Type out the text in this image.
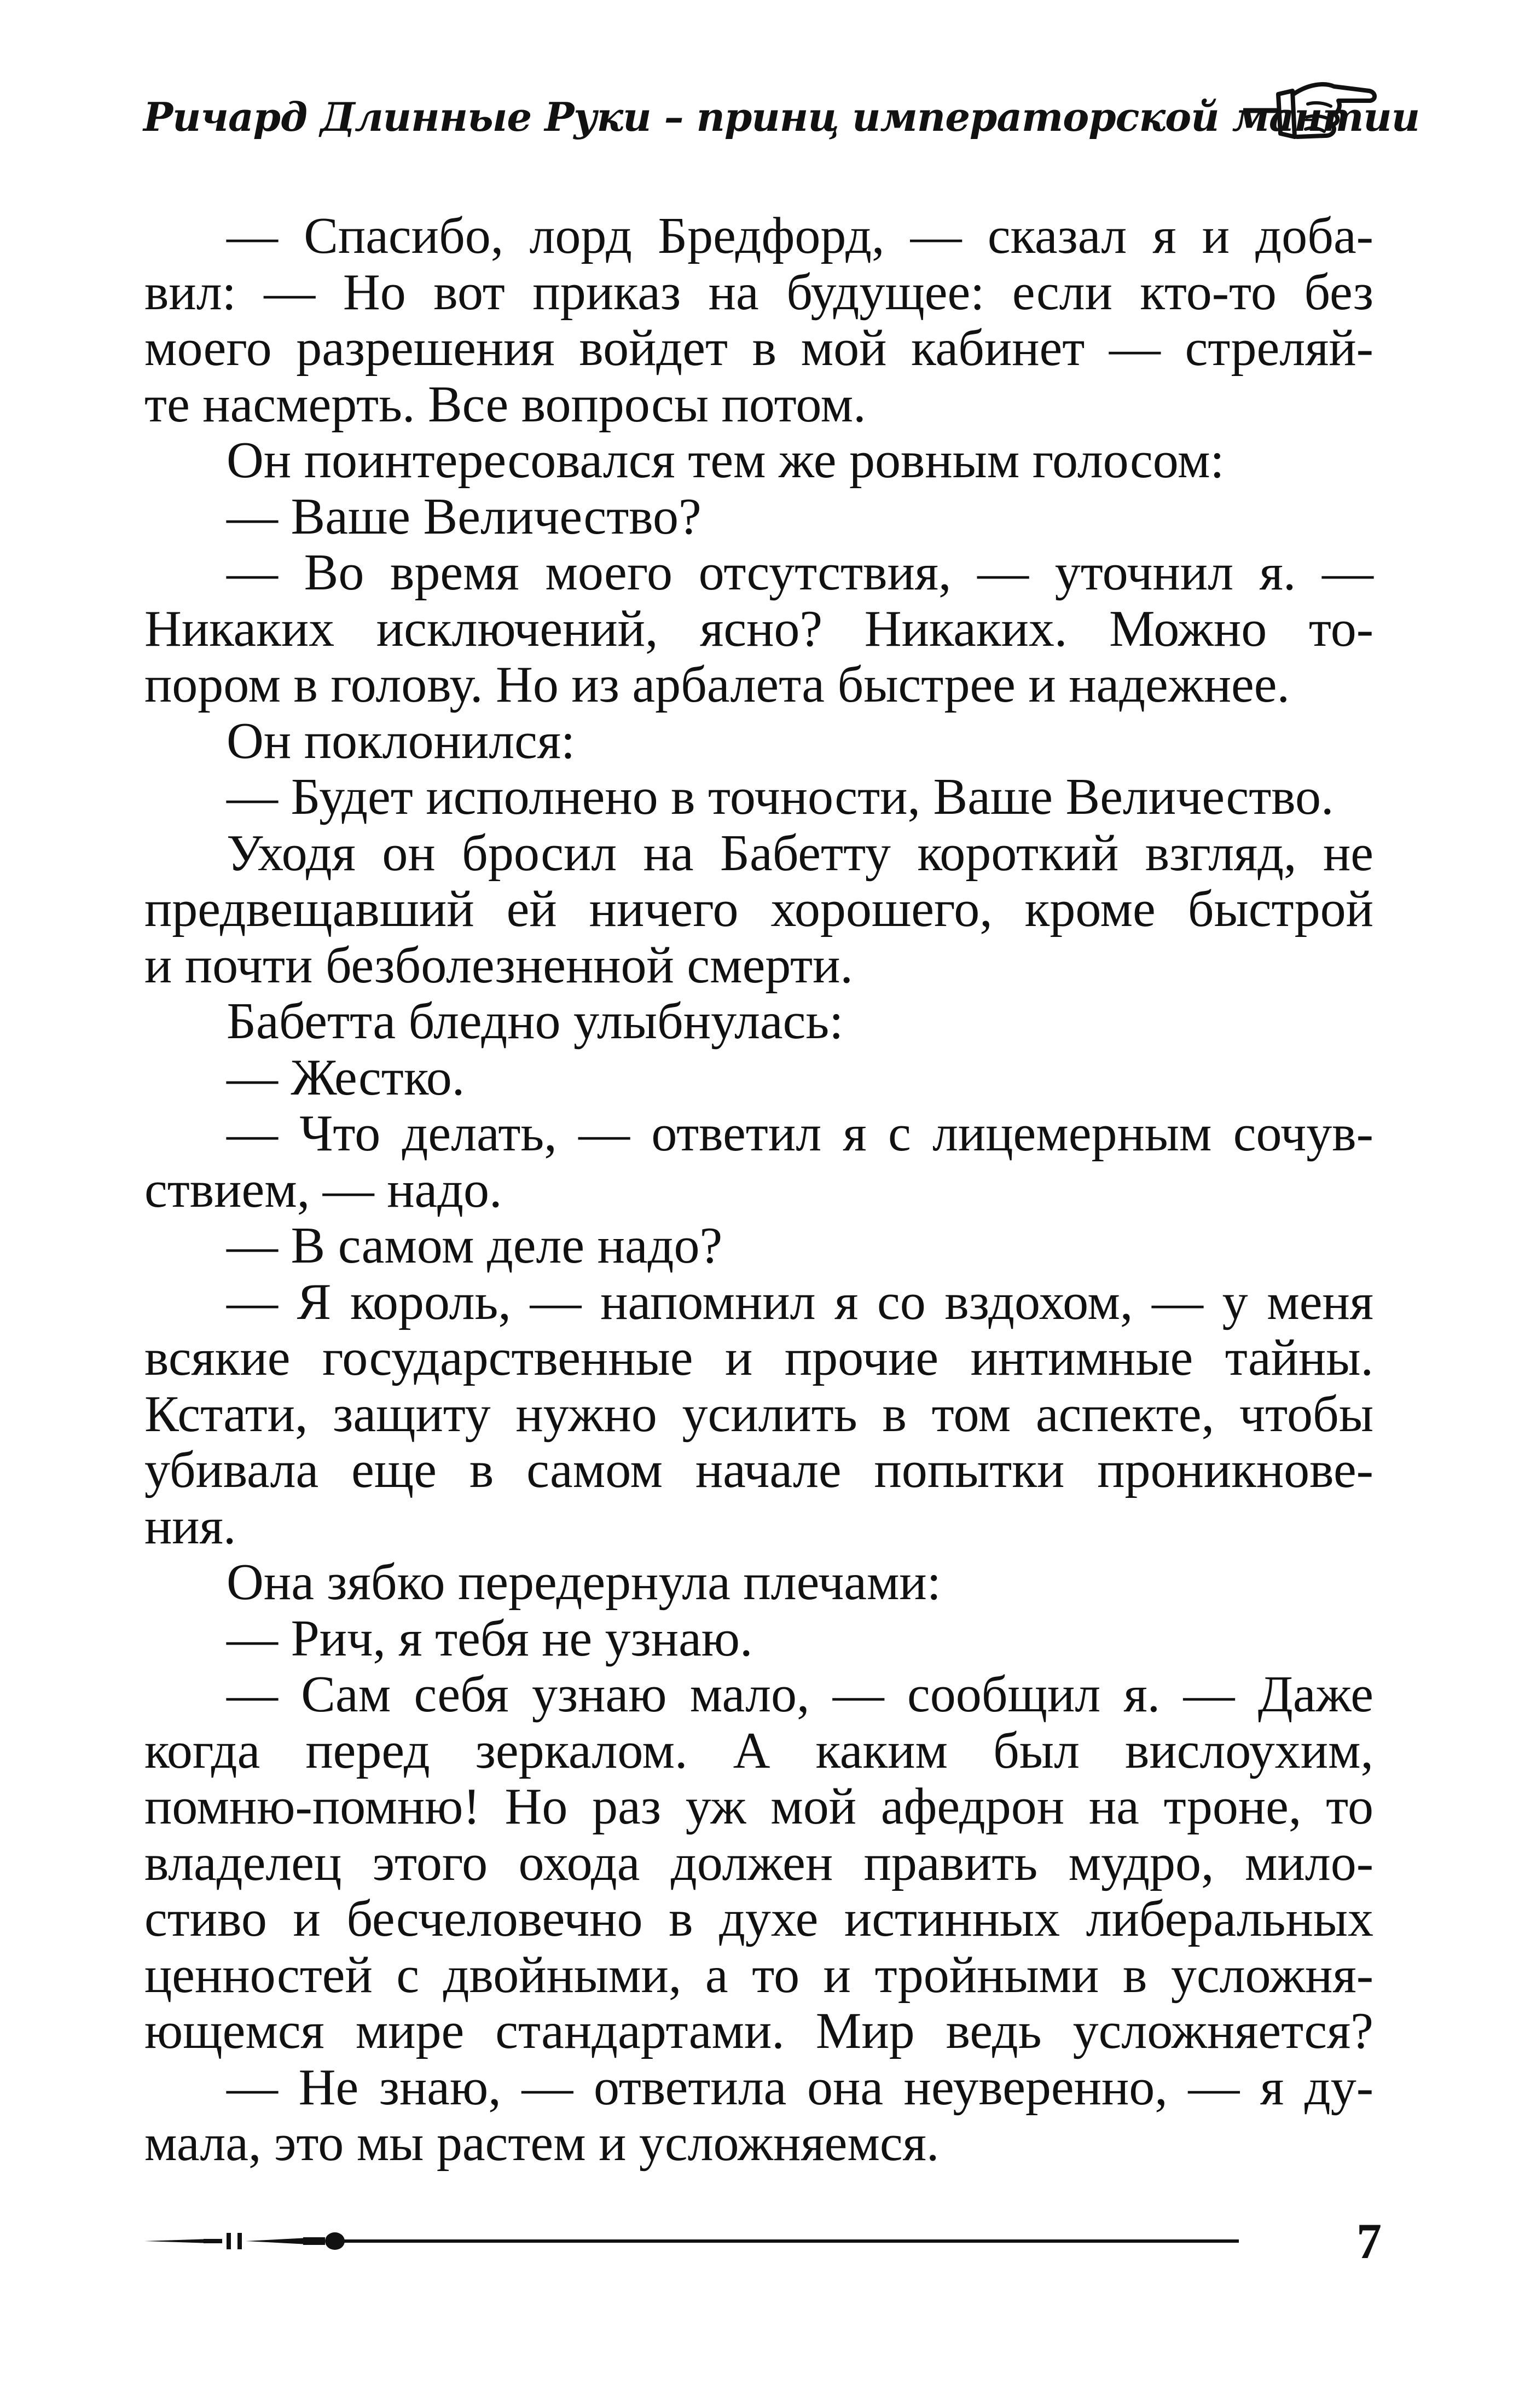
Ричард Длинные Руки – принц императорской мантии
— Спасибо, лорд Бредфорд, — сказал я и доба-
вил: — Но вот приказ на будущее: если кто-то без
моего разрешения войдет в мой кабинет — стреляй-
те насмерть. Все вопросы потом.
Он поинтересовался тем же ровным голосом:
— Ваше Величество?
— Во время моего отсутствия, — уточнил я. —
Никаких исключений, ясно? Никаких. Можно то-
пором в голову. Но из арбалета быстрее и надежнее.
Он поклонился:
— Будет исполнено в точности, Ваше Величество.
Уходя он бросил на Бабетту короткий взгляд, не
предвещавший ей ничего хорошего, кроме быстрой
и почти безболезненной смерти.
Бабетта бледно улыбнулась:
— Жестко.
— Что делать, — ответил я с лицемерным сочув-
ствием, — надо.
— В самом деле надо?
— Я король, — напомнил я со вздохом, — у меня
всякие государственные и прочие интимные тайны.
Кстати, защиту нужно усилить в том аспекте, чтобы
убивала еще в самом начале попытки проникнове-
ния.
Она зябко передернула плечами:
— Рич, я тебя не узнаю.
— Сам себя узнаю мало, — сообщил я. — Даже
когда перед зеркалом. А каким был вислоухим,
помню-помню! Но раз уж мой афедрон на троне, то
владелец этого охода должен править мудро, мило-
стиво и бесчеловечно в духе истинных либеральных
ценностей с двойными, а то и тройными в усложня-
ющемся мире стандартами. Мир ведь усложняется?
— Не знаю, — ответила она неуверенно, — я ду-
мала, это мы растем и усложняемся.
7
